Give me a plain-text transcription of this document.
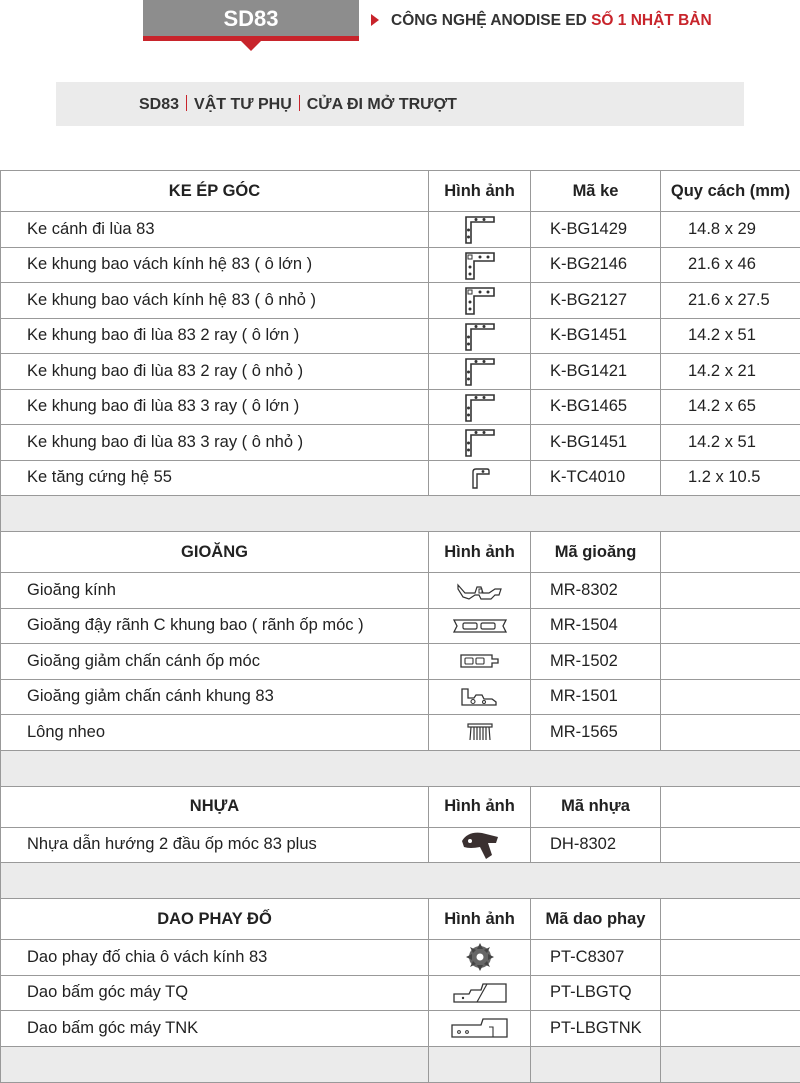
SD83	CÔNG NGHỆ ANODISE ED SỐ 1 NHẬT BẢN
SD83 VẬT TƯ PHỤ CỬA ĐI MỞ TRƯỢT
KE ÉP GÓC	Hình ảnh	Mã ke	Quy cách (mm)
Ke cánh đi lùa 83		K-BG1429	14.8 x 29
Ke khung bao vách kính hệ 83 ( ô lớn )		K-BG2146	21.6 x 46
Ke khung bao vách kính hệ 83 ( ô nhỏ )		K-BG2127	21.6 x 27.5
Ke khung bao đi lùa 83 2 ray ( ô lớn )		K-BG1451	14.2 x 51
Ke khung bao đi lùa 83 2 ray ( ô nhỏ )		K-BG1421	14.2 x 21
Ke khung bao đi lùa 83 3 ray ( ô lớn )		K-BG1465	14.2 x 65
Ke khung bao đi lùa 83 3 ray ( ô nhỏ )		K-BG1451	14.2 x 51
Ke tăng cứng hệ 55		K-TC4010	1.2 x 10.5

GIOĂNG	Hình ảnh	Mã gioăng	
Gioăng kính		MR-8302	
Gioăng đậy rãnh C khung bao ( rãnh ốp móc )		MR-1504	
Gioăng giảm chấn cánh ốp móc		MR-1502	
Gioăng giảm chấn cánh khung 83		MR-1501	
Lông nheo		MR-1565	

NHỰA	Hình ảnh	Mã nhựa	
Nhựa dẫn hướng 2 đầu ốp móc 83 plus		DH-8302	

DAO PHAY ĐỐ	Hình ảnh	Mã dao phay	
Dao phay đố chia ô vách kính 83		PT-C8307	
Dao bấm góc máy TQ		PT-LBGTQ	
Dao bấm góc máy TNK		PT-LBGTNK	
